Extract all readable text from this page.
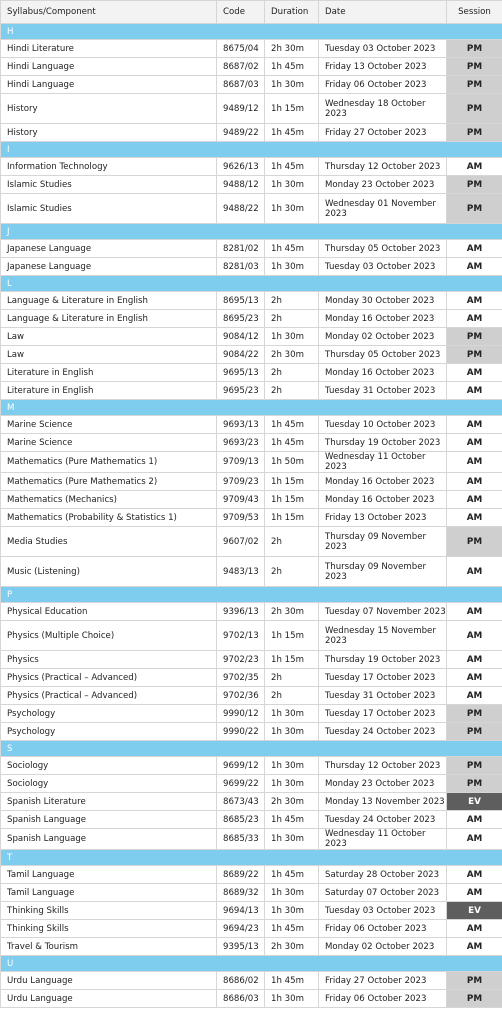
Syllabus/Component	Code	Duration	Date	Session
H				
Hindi Literature	8675/04	2h 30m	Tuesday 03 October 2023	PM
Hindi Language	8687/02	1h 45m	Friday 13 October 2023	PM
Hindi Language	8687/03	1h 30m	Friday 06 October 2023	PM
History	9489/12	1h 15m	Wednesday 18 October 2023	PM
History	9489/22	1h 45m	Friday 27 October 2023	PM
I				
Information Technology	9626/13	1h 45m	Thursday 12 October 2023	AM
Islamic Studies	9488/12	1h 30m	Monday 23 October 2023	PM
Islamic Studies	9488/22	1h 30m	Wednesday 01 November 2023	PM
J				
Japanese Language	8281/02	1h 45m	Thursday 05 October 2023	AM
Japanese Language	8281/03	1h 30m	Tuesday 03 October 2023	AM
L				
Language & Literature in English	8695/13	2h	Monday 30 October 2023	AM
Language & Literature in English	8695/23	2h	Monday 16 October 2023	AM
Law	9084/12	1h 30m	Monday 02 October 2023	PM
Law	9084/22	2h 30m	Thursday 05 October 2023	PM
Literature in English	9695/13	2h	Monday 16 October 2023	AM
Literature in English	9695/23	2h	Tuesday 31 October 2023	AM
M				
Marine Science	9693/13	1h 45m	Tuesday 10 October 2023	AM
Marine Science	9693/23	1h 45m	Thursday 19 October 2023	AM
Mathematics (Pure Mathematics 1)	9709/13	1h 50m	Wednesday 11 October 2023	AM
Mathematics (Pure Mathematics 2)	9709/23	1h 15m	Monday 16 October 2023	AM
Mathematics (Mechanics)	9709/43	1h 15m	Monday 16 October 2023	AM
Mathematics (Probability & Statistics 1)	9709/53	1h 15m	Friday 13 October 2023	AM
Media Studies	9607/02	2h	Thursday 09 November 2023	PM
Music (Listening)	9483/13	2h	Thursday 09 November 2023	AM
P				
Physical Education	9396/13	2h 30m	Tuesday 07 November 2023	AM
Physics (Multiple Choice)	9702/13	1h 15m	Wednesday 15 November 2023	AM
Physics	9702/23	1h 15m	Thursday 19 October 2023	AM
Physics (Practical – Advanced)	9702/35	2h	Tuesday 17 October 2023	AM
Physics (Practical – Advanced)	9702/36	2h	Tuesday 31 October 2023	AM
Psychology	9990/12	1h 30m	Tuesday 17 October 2023	PM
Psychology	9990/22	1h 30m	Tuesday 24 October 2023	PM
S				
Sociology	9699/12	1h 30m	Thursday 12 October 2023	PM
Sociology	9699/22	1h 30m	Monday 23 October 2023	PM
Spanish Literature	8673/43	2h 30m	Monday 13 November 2023	EV
Spanish Language	8685/23	1h 45m	Tuesday 24 October 2023	AM
Spanish Language	8685/33	1h 30m	Wednesday 11 October 2023	AM
T				
Tamil Language	8689/22	1h 45m	Saturday 28 October 2023	AM
Tamil Language	8689/32	1h 30m	Saturday 07 October 2023	AM
Thinking Skills	9694/13	1h 30m	Tuesday 03 October 2023	EV
Thinking Skills	9694/23	1h 45m	Friday 06 October 2023	AM
Travel & Tourism	9395/13	2h 30m	Monday 02 October 2023	AM
U				
Urdu Language	8686/02	1h 45m	Friday 27 October 2023	PM
Urdu Language	8686/03	1h 30m	Friday 06 October 2023	PM
